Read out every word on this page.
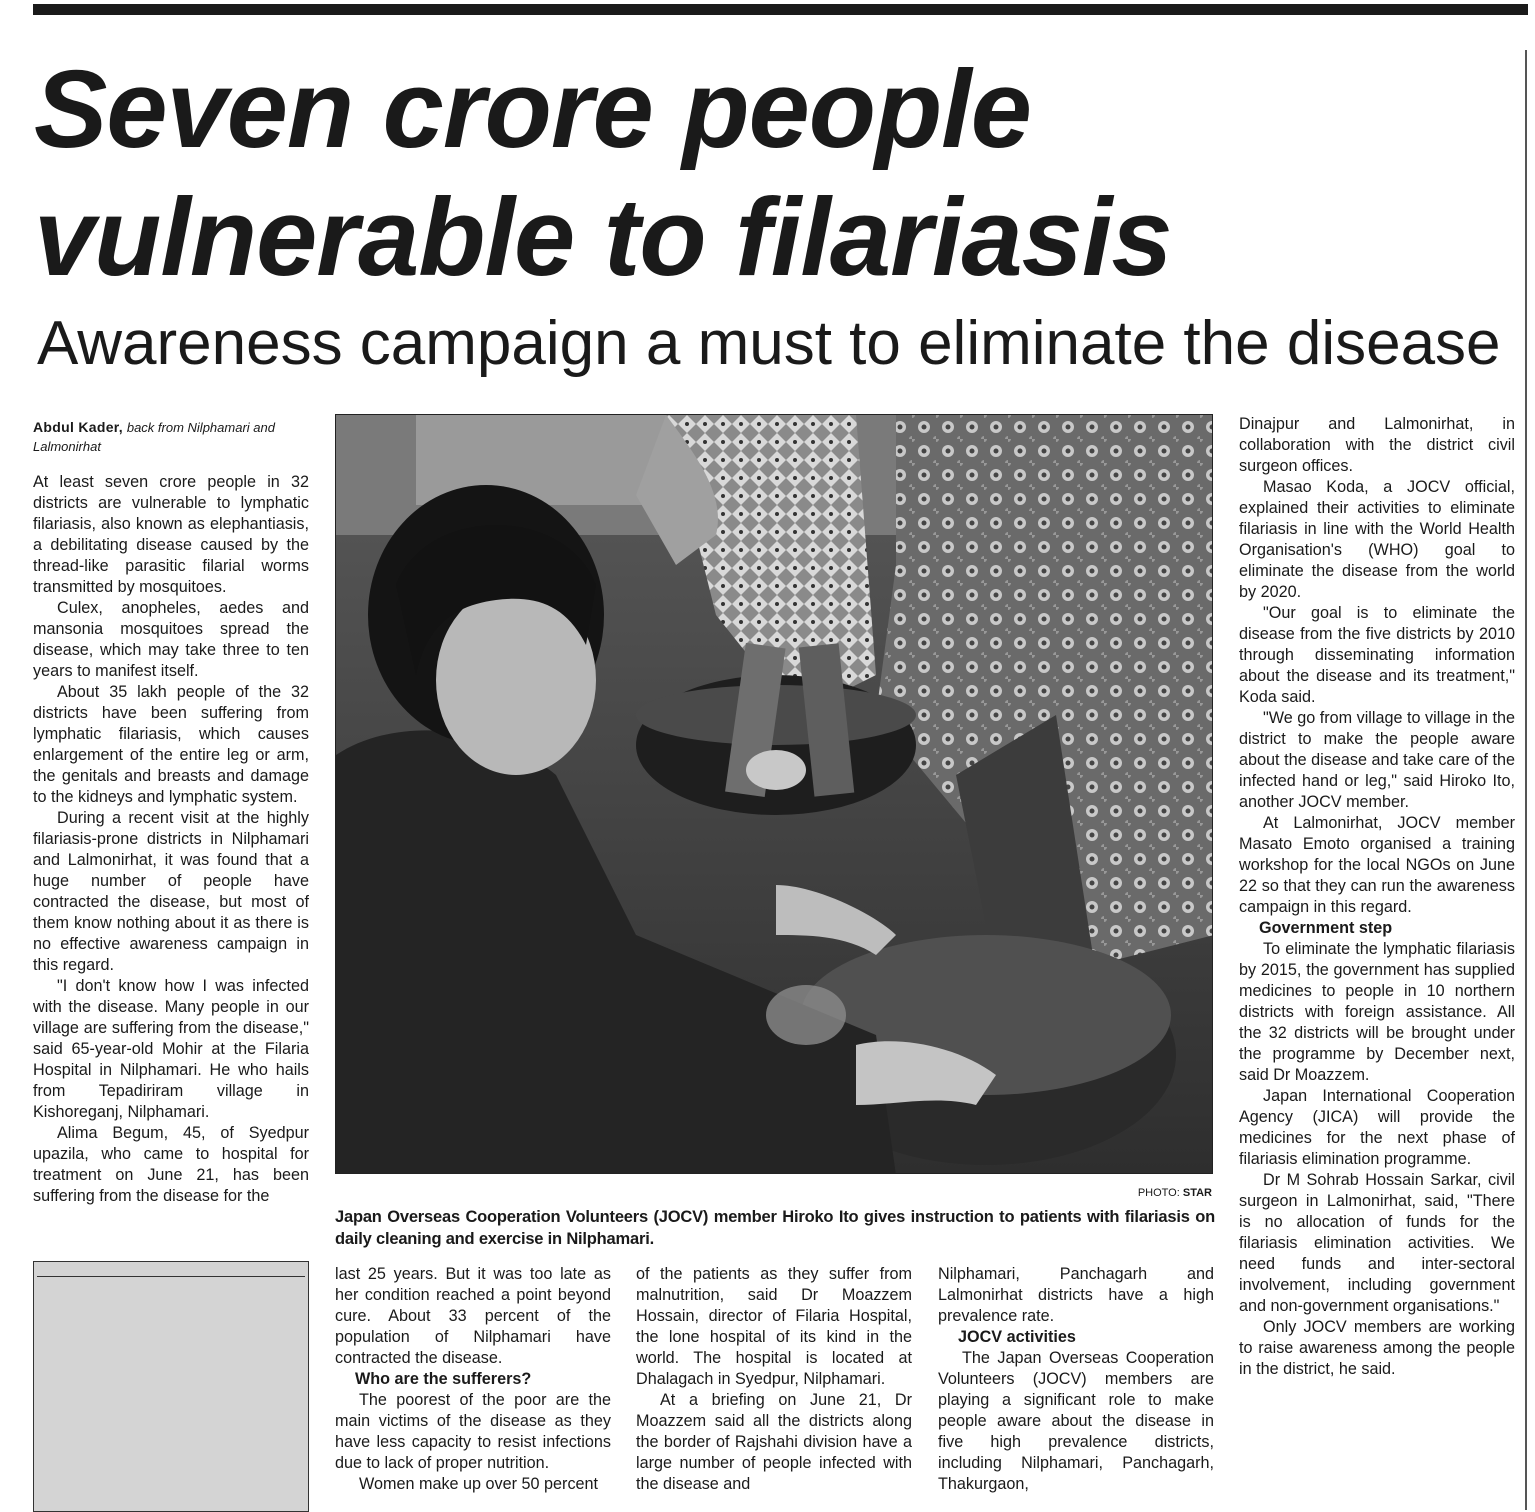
Seven crore people vulnerable to filariasis
Awareness campaign a must to eliminate the disease
Abdul Kader, back from Nilphamari and Lalmonirhat

At least seven crore people in 32 districts are vulnerable to lymphatic filariasis, also known as elephantiasis, a debilitating disease caused by the thread-like parasitic filarial worms transmitted by mosquitoes.

Culex, anopheles, aedes and mansonia mosquitoes spread the disease, which may take three to ten years to manifest itself.

About 35 lakh people of the 32 districts have been suffering from lymphatic filariasis, which causes enlargement of the entire leg or arm, the genitals and breasts and damage to the kidneys and lymphatic system.

During a recent visit at the highly filariasis-prone districts in Nilphamari and Lalmonirhat, it was found that a huge number of people have contracted the disease, but most of them know nothing about it as there is no effective awareness campaign in this regard.

"I don't know how I was infected with the disease. Many people in our village are suffering from the disease," said 65-year-old Mohir at the Filaria Hospital in Nilphamari. He who hails from Tepadiriram village in Kishoreganj, Nilphamari.

Alima Begum, 45, of Syedpur upazila, who came to hospital for treatment on June 21, has been suffering from the disease for the	PHOTO: STAR
Japan Overseas Cooperation Volunteers (JOCV) member Hiroko Ito gives instruction to patients with filariasis on daily cleaning and exercise in Nilphamari.

last 25 years. But it was too late as her condition reached a point beyond cure. About 33 percent of the population of Nilphamari have contracted the disease.

Who are the sufferers?

The poorest of the poor are the main victims of the disease as they have less capacity to resist infections due to lack of proper nutrition.

Women make up over 50 percent

of the patients as they suffer from malnutrition, said Dr Moazzem Hossain, director of Filaria Hospital, the lone hospital of its kind in the world. The hospital is located at Dhalagach in Syedpur, Nilphamari.

At a briefing on June 21, Dr Moazzem said all the districts along the border of Rajshahi division have a large number of people infected with the disease and

Nilphamari, Panchagarh and Lalmonirhat districts have a high prevalence rate.

JOCV activities

The Japan Overseas Cooperation Volunteers (JOCV) members are playing a significant role to make people aware about the disease in five high prevalence districts, including Nilphamari, Panchagarh, Thakurgaon,

Dinajpur and Lalmonirhat, in collaboration with the district civil surgeon offices.

Masao Koda, a JOCV official, explained their activities to eliminate filariasis in line with the World Health Organisation's (WHO) goal to eliminate the disease from the world by 2020.

"Our goal is to eliminate the disease from the five districts by 2010 through disseminating information about the disease and its treatment," Koda said.

"We go from village to village in the district to make the people aware about the disease and take care of the infected hand or leg," said Hiroko Ito, another JOCV member.

At Lalmonirhat, JOCV member Masato Emoto organised a training workshop for the local NGOs on June 22 so that they can run the awareness campaign in this regard.

Government step

To eliminate the lymphatic filariasis by 2015, the government has supplied medicines to people in 10 northern districts with foreign assistance. All the 32 districts will be brought under the programme by December next, said Dr Moazzem.

Japan International Cooperation Agency (JICA) will provide the medicines for the next phase of filariasis elimination programme.

Dr M Sohrab Hossain Sarkar, civil surgeon in Lalmonirhat, said, "There is no allocation of funds for the filariasis elimination activities. We need funds and inter-sectoral involvement, including government and non-government organisations."

Only JOCV members are working to raise awareness among the people in the district, he said.
